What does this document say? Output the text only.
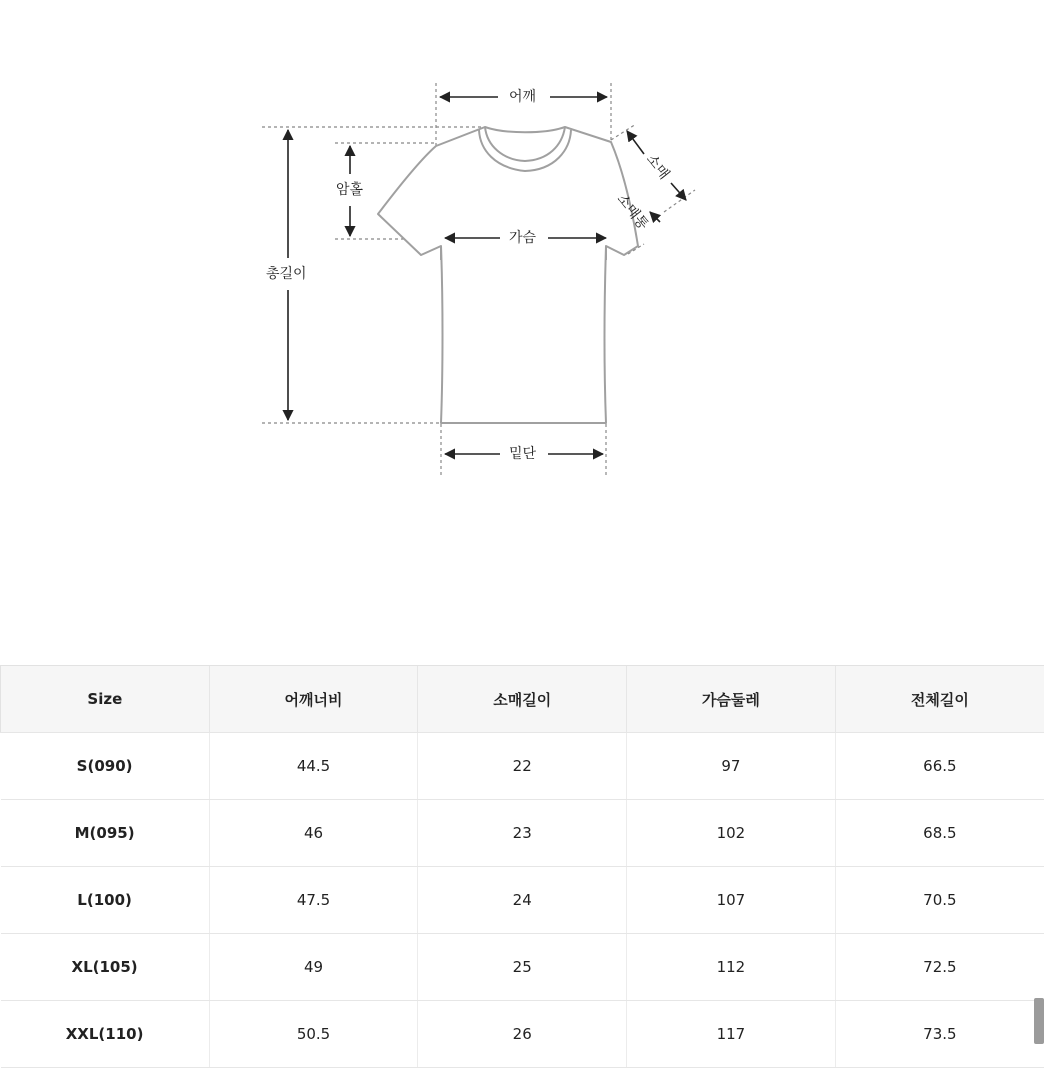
어깨
암홀
총길이
가슴
밑단
소매
소매통
Size	어깨너비	소매길이	가슴둘레	전체길이
S(090)	44.5	22	97	66.5
M(095)	46	23	102	68.5
L(100)	47.5	24	107	70.5
XL(105)	49	25	112	72.5
XXL(110)	50.5	26	117	73.5
